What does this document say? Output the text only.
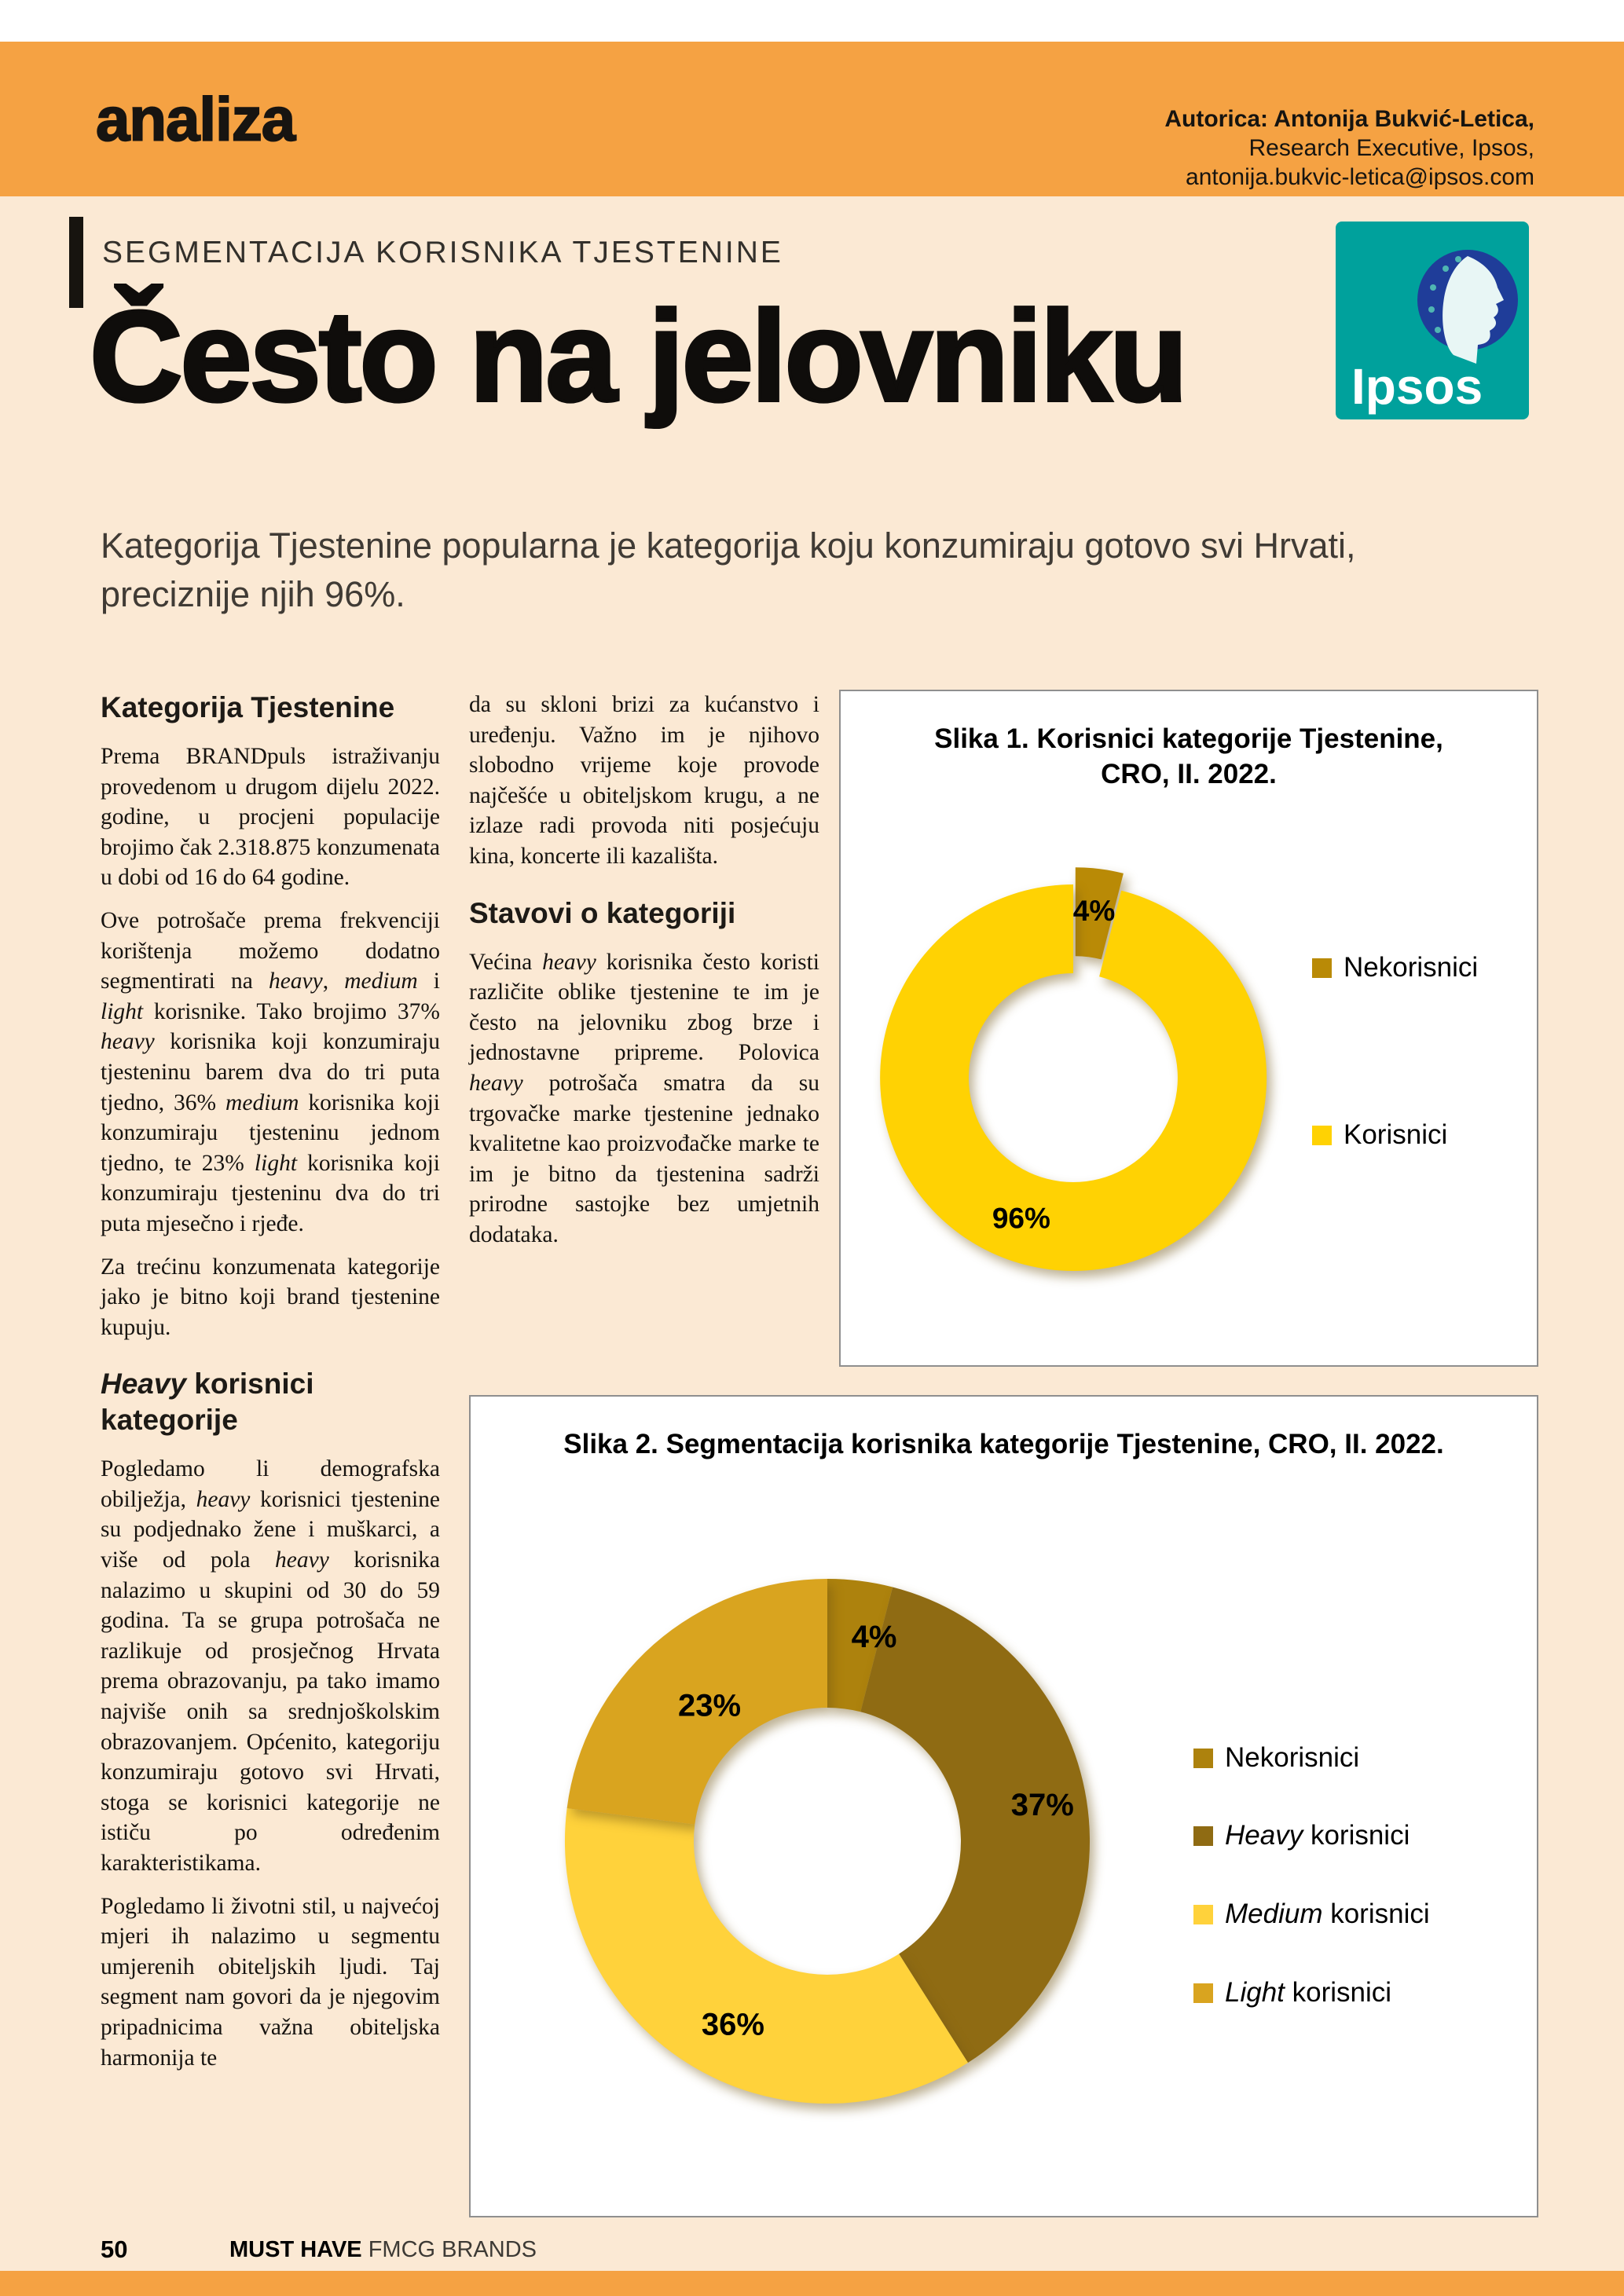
analiza	Autorica: Antonija Bukvić-Letica,
Research Executive, Ipsos,
antonija.bukvic-letica@ipsos.com
SEGMENTACIJA KORISNIKA TJESTENINE
Ipsos
Često na jelovniku

Kategorija Tjestenine popularna je kategorija koju konzumiraju gotovo svi Hrvati, preciznije njih 96%.

Kategorija Tjestenine

Prema BRANDpuls istraživanju provedenom u drugom dijelu 2022. godine, u procjeni populacije brojimo čak 2.318.875 konzumenata u dobi od 16 do 64 godine.

Ove potrošače prema frekvenciji korištenja možemo dodatno segmentirati na heavy, medium i light korisnike. Tako brojimo 37% heavy korisnika koji konzumiraju tjesteninu barem dva do tri puta tjedno, 36% medium korisnika koji konzumiraju tjesteninu jednom tjedno, te 23% light korisnika koji konzumiraju tjesteninu dva do tri puta mjesečno i rjeđe.

Za trećinu konzumenata kategorije jako je bitno koji brand tjestenine kupuju.

Heavy korisnici kategorije

Pogledamo li demografska obilježja, heavy korisnici tjestenine su podjednako žene i muškarci, a više od pola heavy korisnika nalazimo u skupini od 30 do 59 godina. Ta se grupa potrošača ne razlikuje od prosječnog Hrvata prema obrazovanju, pa tako imamo najviše onih sa srednjoškolskim obrazovanjem. Općenito, kategoriju konzumiraju gotovo svi Hrvati, stoga se korisnici kategorije ne ističu po određenim karakteristikama.

Pogledamo li životni stil, u najvećoj mjeri ih nalazimo u segmentu umjerenih obiteljskih ljudi. Taj segment nam govori da je njegovim pripadnicima važna obiteljska harmonija te

da su skloni brizi za kućanstvo i uređenju. Važno im je njihovo slobodno vrijeme koje provode najčešće u obiteljskom krugu, a ne izlaze radi provoda niti posjećuju kina, koncerte ili kazališta.

Stavovi o kategoriji

Većina heavy korisnika često koristi različite oblike tjestenine te im je često na jelovniku zbog brze i jednostavne pripreme. Polovica heavy potrošača smatra da su trgovačke marke tjestenine jednako kvalitetne kao proizvođačke marke te im je bitno da tjestenina sadrži prirodne sastojke bez umjetnih dodataka.

Slika 1. Korisnici kategorije Tjestenine,
CRO, II. 2022.
4%
96%
Nekorisnici
Korisnici
Slika 2. Segmentacija korisnika kategorije Tjestenine, CRO, II. 2022.
4%
37%
36%
23%
Nekorisnici
Heavy korisnici
Medium korisnici
Light korisnici
50	MUST HAVE FMCG BRANDS
